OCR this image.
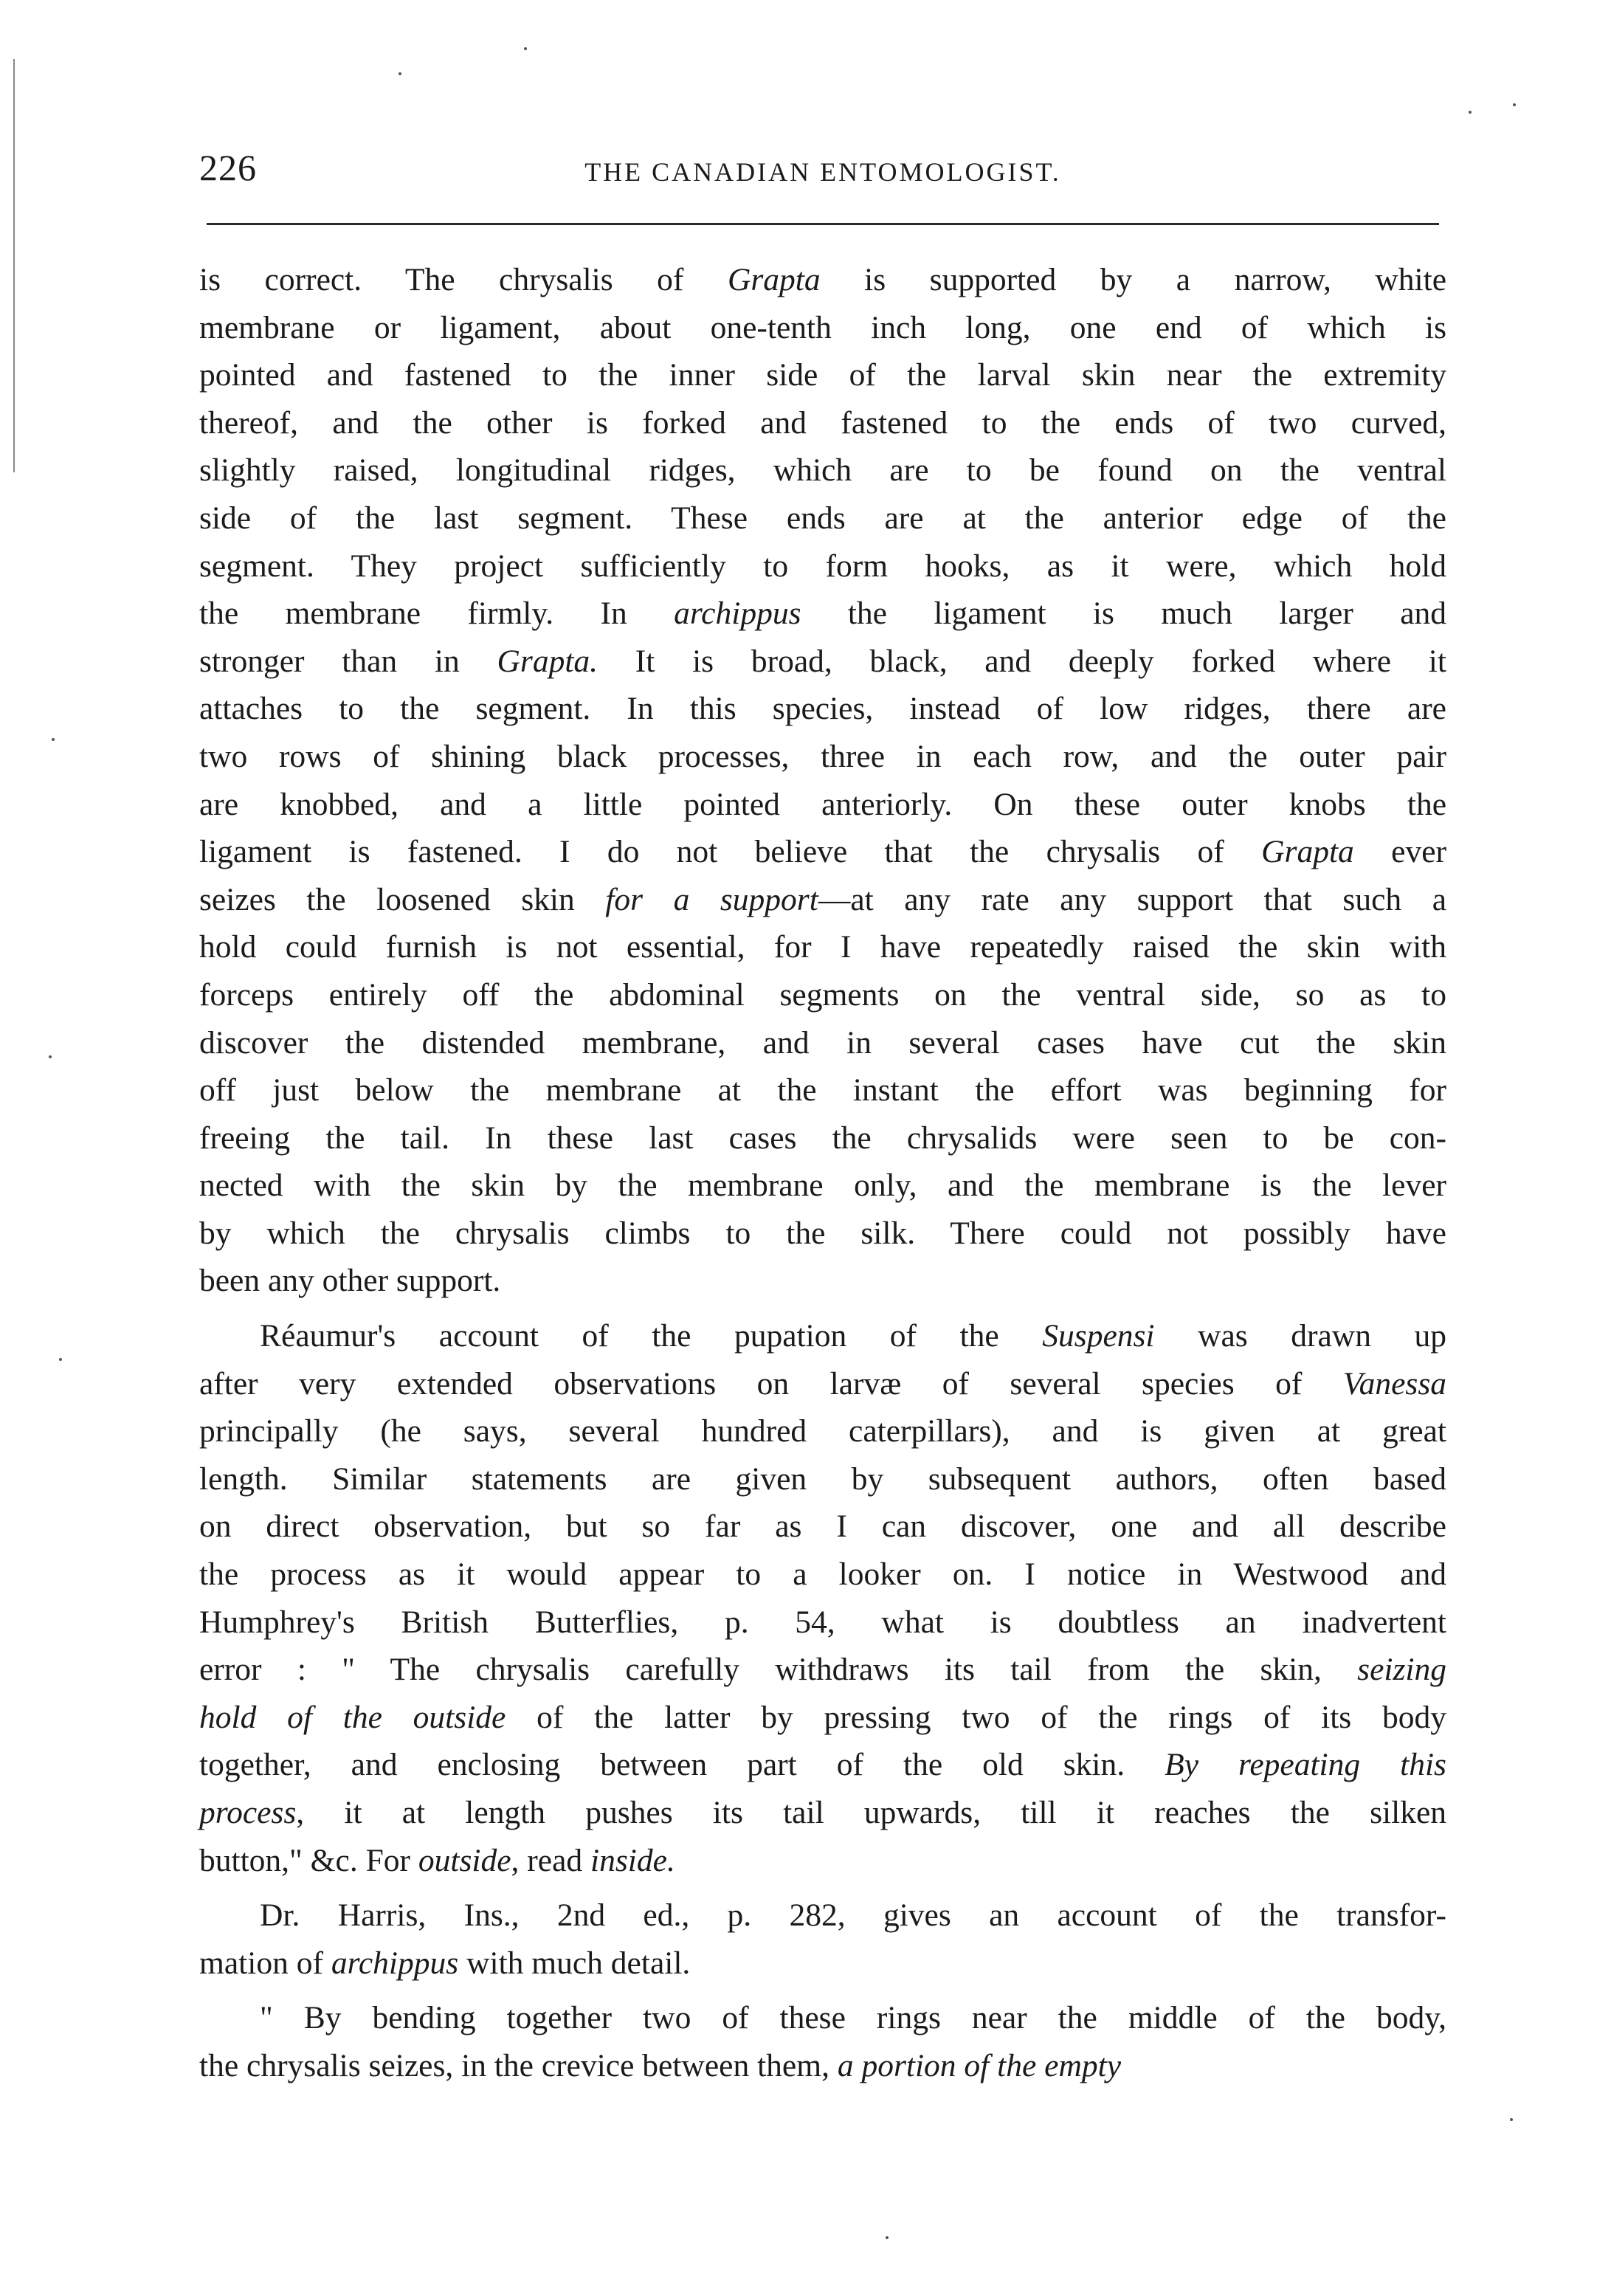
226	THE CANADIAN ENTOMOLOGIST.

is correct. The chrysalis of Grapta is supported by a narrow, white
membrane or ligament, about one-tenth inch long, one end of which is
pointed and fastened to the inner side of the larval skin near the extremity
thereof, and the other is forked and fastened to the ends of two curved,
slightly raised, longitudinal ridges, which are to be found on the ventral
side of the last segment. These ends are at the anterior edge of the
segment. They project sufficiently to form hooks, as it were, which hold
the membrane firmly. In archippus the ligament is much larger and
stronger than in Grapta. It is broad, black, and deeply forked where it
attaches to the segment. In this species, instead of low ridges, there are
two rows of shining black processes, three in each row, and the outer pair
are knobbed, and a little pointed anteriorly. On these outer knobs the
ligament is fastened. I do not believe that the chrysalis of Grapta ever
seizes the loosened skin for a support—at any rate any support that such a
hold could furnish is not essential, for I have repeatedly raised the skin with
forceps entirely off the abdominal segments on the ventral side, so as to
discover the distended membrane, and in several cases have cut the skin
off just below the membrane at the instant the effort was beginning for
freeing the tail. In these last cases the chrysalids were seen to be con-
nected with the skin by the membrane only, and the membrane is the lever
by which the chrysalis climbs to the silk. There could not possibly have
been any other support.

Réaumur's account of the pupation of the Suspensi was drawn up
after very extended observations on larvæ of several species of Vanessa
principally (he says, several hundred caterpillars), and is given at great
length. Similar statements are given by subsequent authors, often based
on direct observation, but so far as I can discover, one and all describe
the process as it would appear to a looker on. I notice in Westwood and
Humphrey's British Butterflies, p. 54, what is doubtless an inadvertent
error : " The chrysalis carefully withdraws its tail from the skin, seizing
hold of the outside of the latter by pressing two of the rings of its body
together, and enclosing between part of the old skin. By repeating this
process, it at length pushes its tail upwards, till it reaches the silken
button," &c. For outside, read inside.

Dr. Harris, Ins., 2nd ed., p. 282, gives an account of the transfor-
mation of archippus with much detail.

" By bending together two of these rings near the middle of the body,
the chrysalis seizes, in the crevice between them, a portion of the empty
